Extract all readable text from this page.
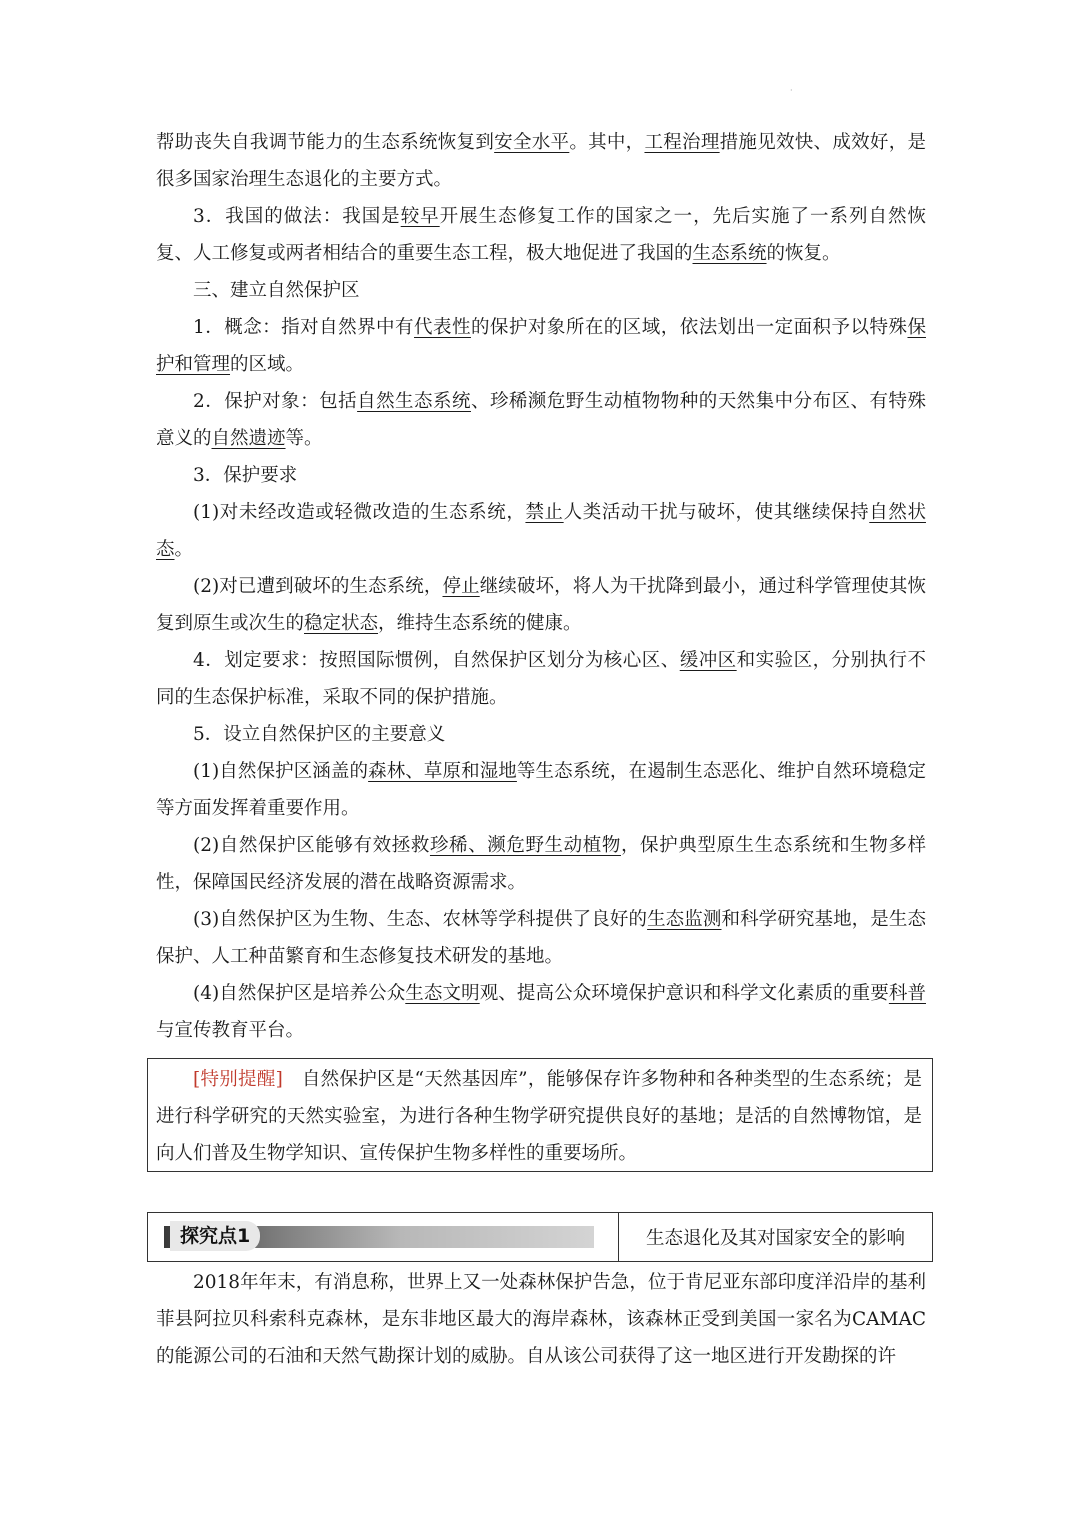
·

帮助丧失自我调节能力的生态系统恢复到安全水平。其中，工程治理措施见效快、成效好，是很多国家治理生态退化的主要方式。

3．我国的做法：我国是较早开展生态修复工作的国家之一，先后实施了一系列自然恢复、人工修复或两者相结合的重要生态工程，极大地促进了我国的生态系统的恢复。

三、建立自然保护区

1．概念：指对自然界中有代表性的保护对象所在的区域，依法划出一定面积予以特殊保护和管理的区域。

2．保护对象：包括自然生态系统、珍稀濒危野生动植物物种的天然集中分布区、有特殊意义的自然遗迹等。

3．保护要求

(1)对未经改造或轻微改造的生态系统，禁止人类活动干扰与破坏，使其继续保持自然状态。

(2)对已遭到破坏的生态系统，停止继续破坏，将人为干扰降到最小，通过科学管理使其恢复到原生或次生的稳定状态，维持生态系统的健康。

4．划定要求：按照国际惯例，自然保护区划分为核心区、缓冲区和实验区，分别执行不同的生态保护标准，采取不同的保护措施。

5．设立自然保护区的主要意义

(1)自然保护区涵盖的森林、草原和湿地等生态系统，在遏制生态恶化、维护自然环境稳定等方面发挥着重要作用。

(2)自然保护区能够有效拯救珍稀、濒危野生动植物，保护典型原生生态系统和生物多样性，保障国民经济发展的潜在战略资源需求。

(3)自然保护区为生物、生态、农林等学科提供了良好的生态监测和科学研究基地，是生态保护、人工种苗繁育和生态修复技术研发的基地。

(4)自然保护区是培养公众生态文明观、提高公众环境保护意识和科学文化素质的重要科普与宣传教育平台。

[特别提醒]　 自然保护区是“天然基因库”，能够保存许多物种和各种类型的生态系统；是进行科学研究的天然实验室，为进行各种生物学研究提供良好的基地；是活的自然博物馆，是向人们普及生物学知识、宣传保护生物多样性的重要场所。

探究点1	生态退化及其对国家安全的影响

2018年年末，有消息称，世界上又一处森林保护告急，位于肯尼亚东部印度洋沿岸的基利菲县阿拉贝科索科克森林，是东非地区最大的海岸森林，该森林正受到美国一家名为CAMAC的能源公司的石油和天然气勘探计划的威胁。自从该公司获得了这一地区进行开发勘探的许
